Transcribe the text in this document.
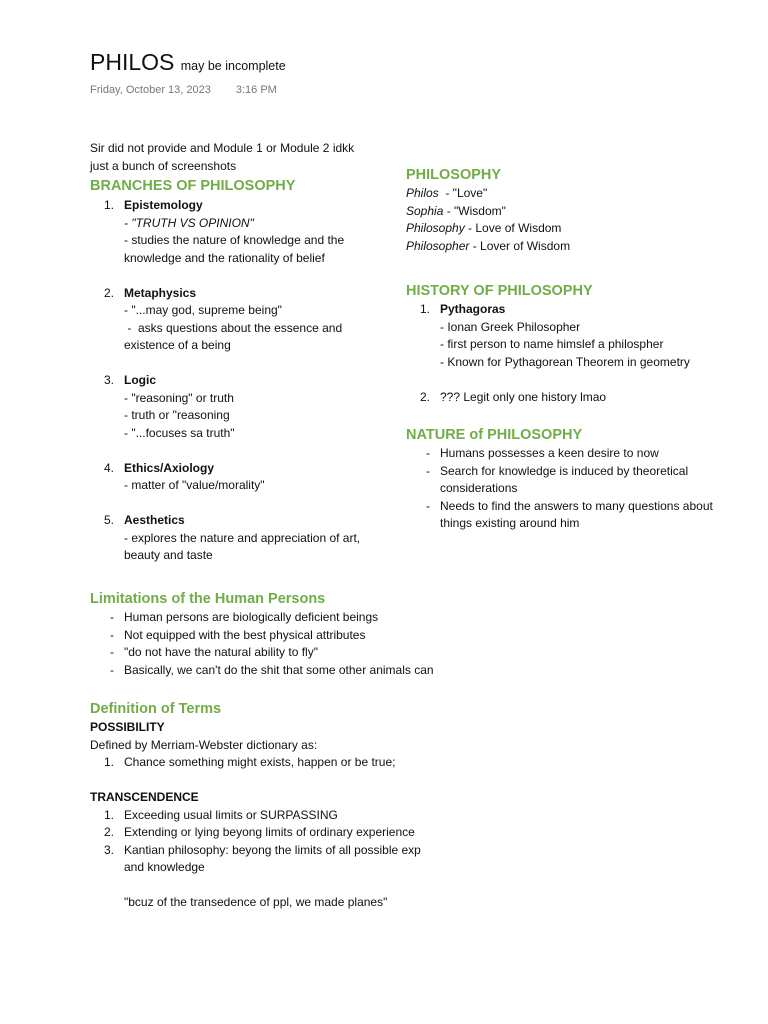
PHILOS may be incomplete
Friday, October 13, 2023 3:16 PM
Sir did not provide and Module 1 or Module 2 idkk
just a bunch of screenshots
BRANCHES OF PHILOSOPHY
1. Epistemology
- "TRUTH VS OPINION"
- studies the nature of knowledge and the
knowledge and the rationality of belief
2. Metaphysics
- "...may god, supreme being"
-  asks questions about the essence and
existence of a being
3. Logic
- "reasoning" or truth
- truth or "reasoning
- "...focuses sa truth"
4. Ethics/Axiology
- matter of "value/morality"
5. Aesthetics
- explores the nature and appreciation of art,
beauty and taste
PHILOSOPHY
Philos  - "Love"
Sophia - "Wisdom"
Philosophy - Love of Wisdom
Philosopher - Lover of Wisdom
HISTORY OF PHILOSOPHY
1. Pythagoras
- Ionan Greek Philosopher
- first person to name himslef a philospher
- Known for Pythagorean Theorem in geometry
2. ??? Legit only one history lmao
NATURE of PHILOSOPHY
- Humans possesses a keen desire to now
- Search for knowledge is induced by theoretical
considerations
- Needs to find the answers to many questions about
things existing around him
Limitations of the Human Persons
- Human persons are biologically deficient beings
- Not equipped with the best physical attributes
- "do not have the natural ability to fly"
- Basically, we can't do the shit that some other animals can
Definition of Terms
POSSIBILITY
Defined by Merriam-Webster dictionary as:
1. Chance something might exists, happen or be true;
TRANSCENDENCE
1. Exceeding usual limits or SURPASSING
2. Extending or lying beyong limits of ordinary experience
3. Kantian philosophy: beyong the limits of all possible exp
and knowledge
"bcuz of the transedence of ppl, we made planes"
